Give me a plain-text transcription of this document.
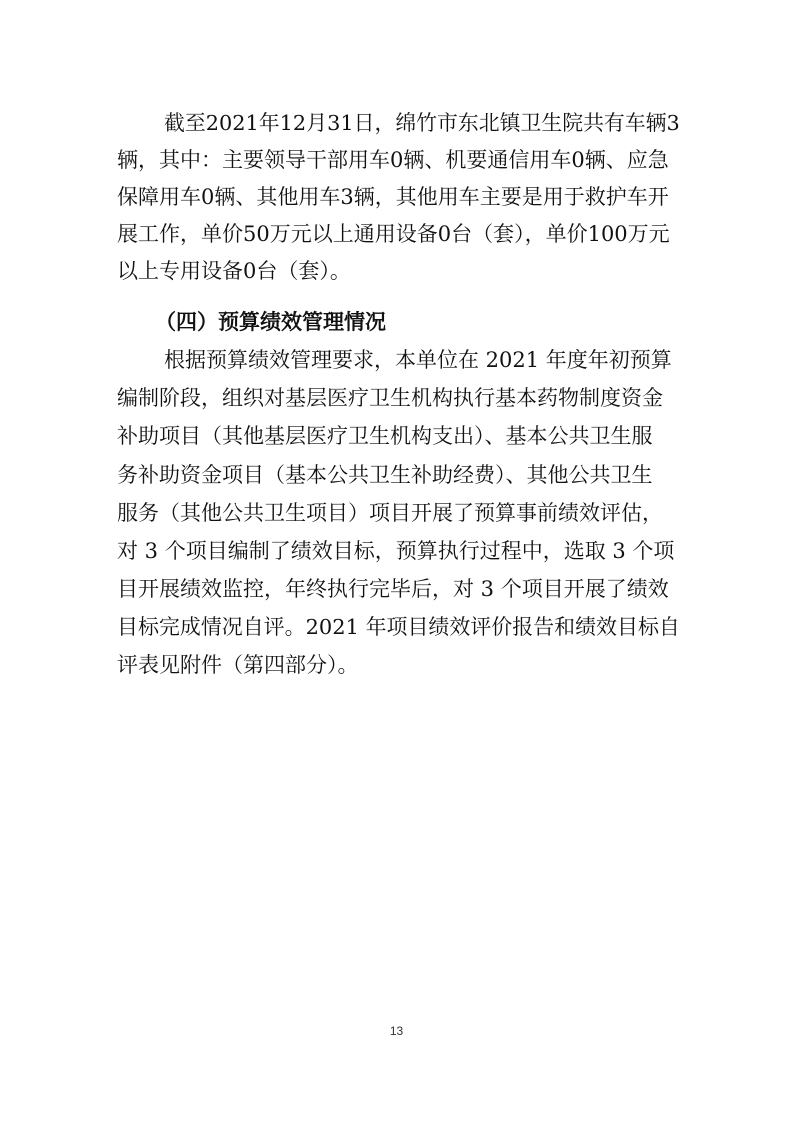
截至2021年12月31日，绵竹市东北镇卫生院共有车辆3
辆，其中：主要领导干部用车0辆、机要通信用车0辆、应急
保障用车0辆、其他用车3辆，其他用车主要是用于救护车开
展工作，单价50万元以上通用设备0台（套），单价100万元
以上专用设备0台（套）。
（四）预算绩效管理情况
根据预算绩效管理要求，本单位在 2021 年度年初预算
编制阶段，组织对基层医疗卫生机构执行基本药物制度资金
补助项目（其他基层医疗卫生机构支出）、基本公共卫生服
务补助资金项目（基本公共卫生补助经费）、其他公共卫生
服务（其他公共卫生项目）项目开展了预算事前绩效评估，
对 3 个项目编制了绩效目标，预算执行过程中，选取 3 个项
目开展绩效监控，年终执行完毕后，对 3 个项目开展了绩效
目标完成情况自评。2021 年项目绩效评价报告和绩效目标自
评表见附件（第四部分）。
13
